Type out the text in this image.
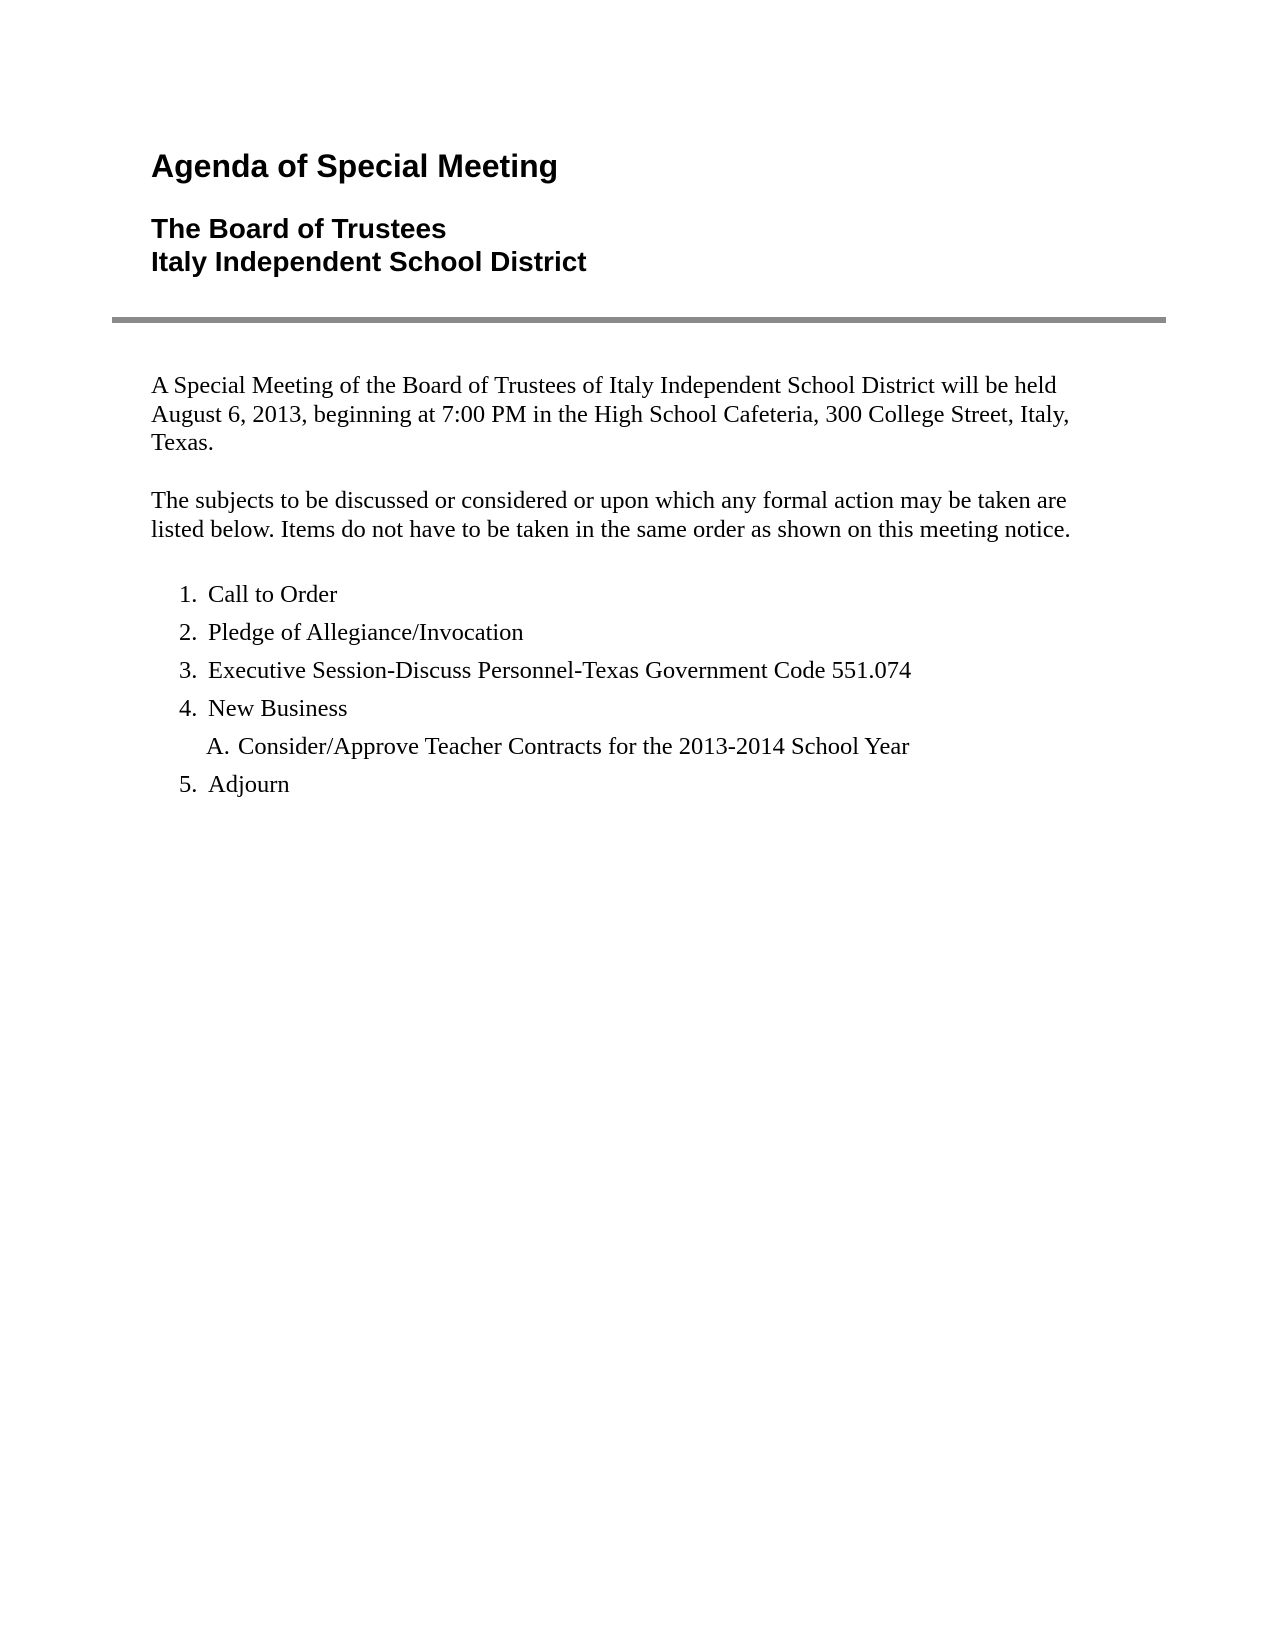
Agenda of Special Meeting
The Board of Trustees
Italy Independent School District

A Special Meeting of the Board of Trustees of Italy Independent School District will be held August 6, 2013, beginning at 7:00 PM in the High School Cafeteria, 300 College Street, Italy, Texas.

The subjects to be discussed or considered or upon which any formal action may be taken are listed below. Items do not have to be taken in the same order as shown on this meeting notice.

1. Call to Order
2. Pledge of Allegiance/Invocation
3. Executive Session-Discuss Personnel-Texas Government Code 551.074
4. New Business
A. Consider/Approve Teacher Contracts for the 2013-2014 School Year
5. Adjourn
